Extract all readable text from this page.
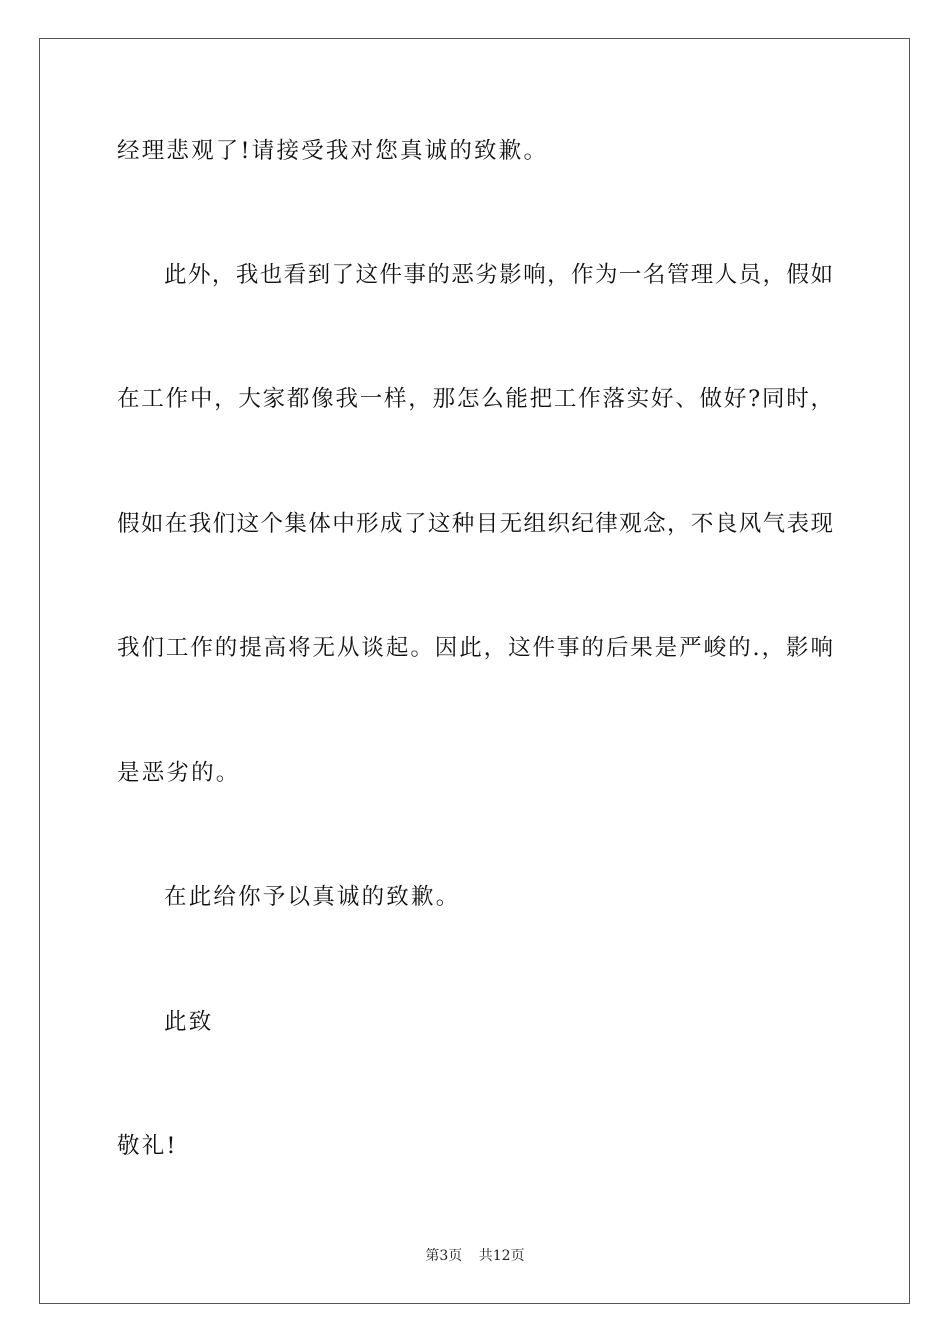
经理悲观了!请接受我对您真诚的致歉。
此外，我也看到了这件事的恶劣影响，作为一名管理人员，假如
在工作中，大家都像我一样，那怎么能把工作落实好、做好?同时，
假如在我们这个集体中形成了这种目无组织纪律观念，不良风气表现
我们工作的提高将无从谈起。因此，这件事的后果是严峻的.，影响
是恶劣的。
在此给你予以真诚的致歉。
此致
敬礼!
第3页 共12页
